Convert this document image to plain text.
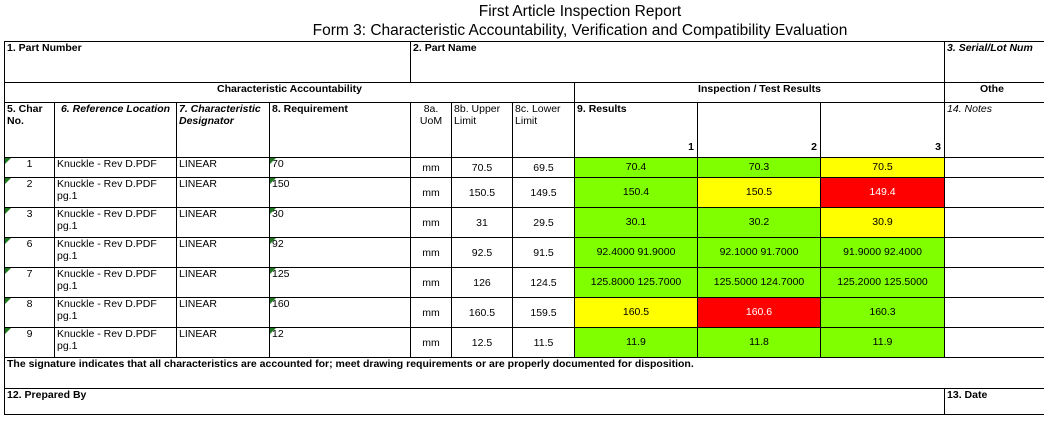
First Article Inspection Report
Form 3: Characteristic Accountability, Verification and Compatibility Evaluation
1. Part Number				2. Part Name						3. Serial/Lot Num
Characteristic Accountability							Inspection / Test Results			Othe
5. Char No.	6. Reference Location	7. Characteristic Designator	8. Requirement	8a. UoM	8b. Upper Limit	8c. Lower Limit	9. Results
1	2	3	14. Notes
1	Knuckle - Rev D.PDF	LINEAR	70	mm	70.5	69.5	70.4	70.3	70.5	
2	Knuckle - Rev D.PDF pg.1	LINEAR	150	mm	150.5	149.5	150.4	150.5	149.4	
3	Knuckle - Rev D.PDF pg.1	LINEAR	30	mm	31	29.5	30.1	30.2	30.9	
6	Knuckle - Rev D.PDF pg.1	LINEAR	92	mm	92.5	91.5	92.4000 91.9000	92.1000 91.7000	91.9000 92.4000	
7	Knuckle - Rev D.PDF pg.1	LINEAR	125	mm	126	124.5	125.8000 125.7000	125.5000 124.7000	125.2000 125.5000	
8	Knuckle - Rev D.PDF pg.1	LINEAR	160	mm	160.5	159.5	160.5	160.6	160.3	
9	Knuckle - Rev D.PDF pg.1	LINEAR	12	mm	12.5	11.5	11.9	11.8	11.9	
The signature indicates that all characteristics are accounted for; meet drawing requirements or are properly documented for disposition.										
12. Prepared By										13. Date
